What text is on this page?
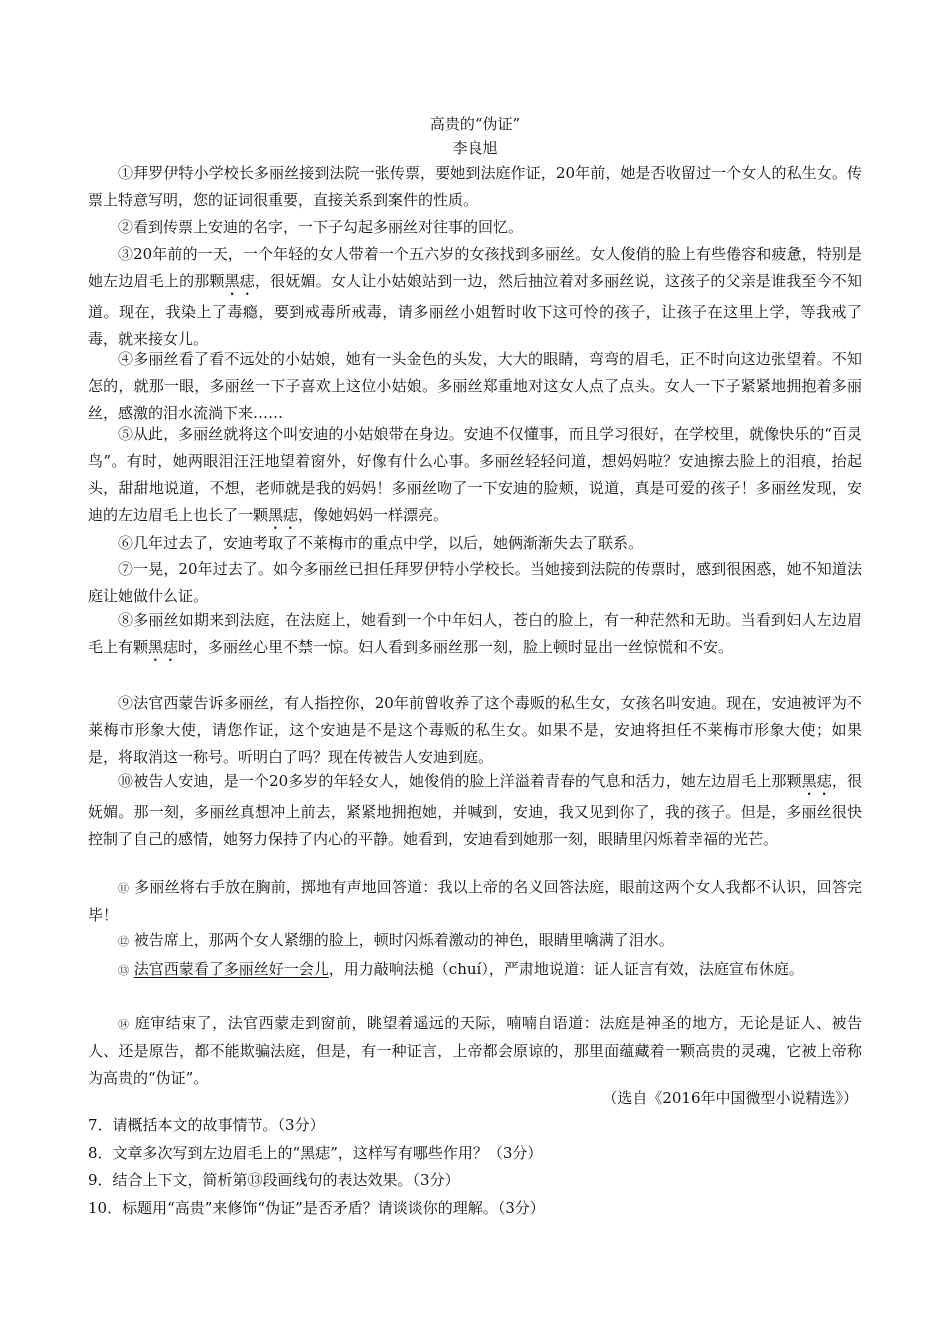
高贵的“伪证”
李良旭

①拜罗伊特小学校长多丽丝接到法院一张传票，要她到法庭作证，20年前，她是否收留过一个女人的私生女。传票上特意写明，您的证词很重要，直接关系到案件的性质。

②看到传票上安迪的名字，一下子勾起多丽丝对往事的回忆。

③20年前的一天，一个年轻的女人带着一个五六岁的女孩找到多丽丝。女人俊俏的脸上有些倦容和疲惫，特别是她左边眉毛上的那颗黑痣，很妩媚。女人让小姑娘站到一边，然后抽泣着对多丽丝说，这孩子的父亲是谁我至今不知道。现在，我染上了毒瘾，要到戒毒所戒毒，请多丽丝小姐暂时收下这可怜的孩子，让孩子在这里上学，等我戒了毒，就来接女儿。

④多丽丝看了看不远处的小姑娘，她有一头金色的头发，大大的眼睛，弯弯的眉毛，正不时向这边张望着。不知怎的，就那一眼，多丽丝一下子喜欢上这位小姑娘。多丽丝郑重地对这女人点了点头。女人一下子紧紧地拥抱着多丽丝，感激的泪水流淌下来……

⑤从此，多丽丝就将这个叫安迪的小姑娘带在身边。安迪不仅懂事，而且学习很好，在学校里，就像快乐的“百灵鸟”。有时，她两眼泪汪汪地望着窗外，好像有什么心事。多丽丝轻轻问道，想妈妈啦？安迪擦去脸上的泪痕，抬起头，甜甜地说道，不想，老师就是我的妈妈！多丽丝吻了一下安迪的脸颊，说道，真是可爱的孩子！多丽丝发现，安迪的左边眉毛上也长了一颗黑痣，像她妈妈一样漂亮。

⑥几年过去了，安迪考取了不莱梅市的重点中学，以后，她俩渐渐失去了联系。

⑦一晃，20年过去了。如今多丽丝已担任拜罗伊特小学校长。当她接到法院的传票时，感到很困惑，她不知道法庭让她做什么证。

⑧多丽丝如期来到法庭，在法庭上，她看到一个中年妇人，苍白的脸上，有一种茫然和无助。当看到妇人左边眉毛上有颗黑痣时，多丽丝心里不禁一惊。妇人看到多丽丝那一刻，脸上顿时显出一丝惊慌和不安。

⑨法官西蒙告诉多丽丝，有人指控你，20年前曾收养了这个毒贩的私生女，女孩名叫安迪。现在，安迪被评为不莱梅市形象大使，请您作证，这个安迪是不是这个毒贩的私生女。如果不是，安迪将担任不莱梅市形象大使；如果是，将取消这一称号。听明白了吗？现在传被告人安迪到庭。

⑩被告人安迪，是一个20多岁的年轻女人，她俊俏的脸上洋溢着青春的气息和活力，她左边眉毛上那颗黑痣，很妩媚。那一刻，多丽丝真想冲上前去，紧紧地拥抱她，并喊到，安迪，我又见到你了，我的孩子。但是，多丽丝很快控制了自己的感情，她努力保持了内心的平静。她看到，安迪看到她那一刻，眼睛里闪烁着幸福的光芒。

⑪ 多丽丝将右手放在胸前，掷地有声地回答道：我以上帝的名义回答法庭，眼前这两个女人我都不认识，回答完毕！

⑫ 被告席上，那两个女人紧绷的脸上，顿时闪烁着激动的神色，眼睛里噙满了泪水。

⑬ 法官西蒙看了多丽丝好一会儿，用力敲响法槌（chuí），严肃地说道：证人证言有效，法庭宣布休庭。

⑭ 庭审结束了，法官西蒙走到窗前，眺望着遥远的天际，喃喃自语道：法庭是神圣的地方，无论是证人、被告人、还是原告，都不能欺骗法庭，但是，有一种证言，上帝都会原谅的，那里面蕴藏着一颗高贵的灵魂，它被上帝称为高贵的“伪证”。

（选自《2016年中国微型小说精选》）
7．请概括本文的故事情节。（3分）
8．文章多次写到左边眉毛上的“黑痣”，这样写有哪些作用？（3分）
9．结合上下文，简析第⑬段画线句的表达效果。（3分）
10．标题用“高贵”来修饰“伪证”是否矛盾？请谈谈你的理解。（3分）
